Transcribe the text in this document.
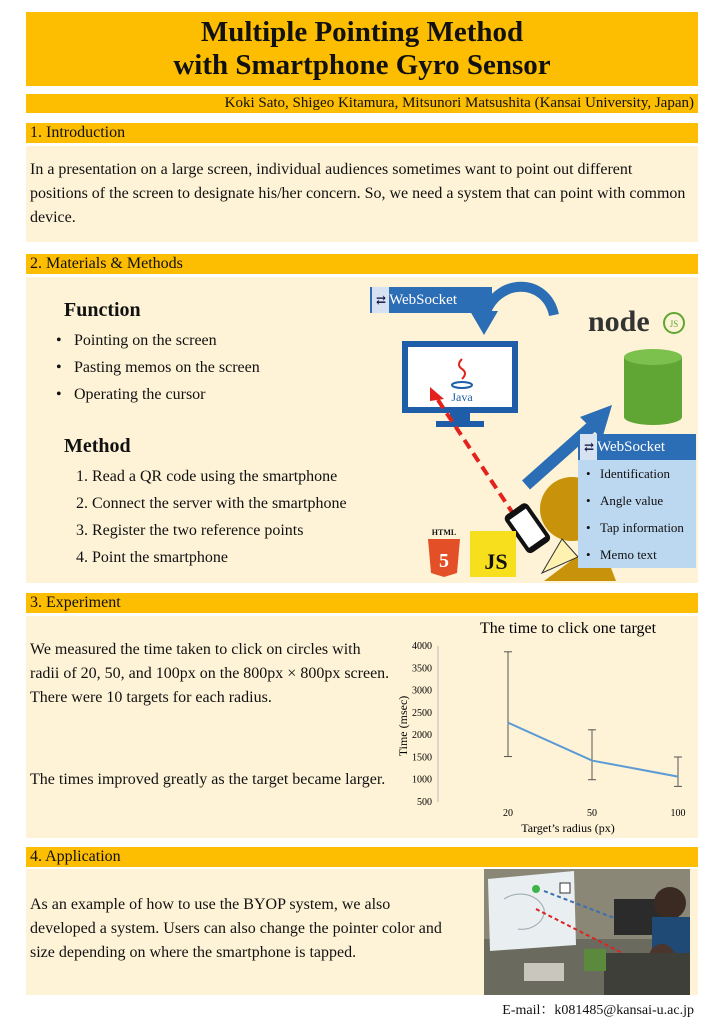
Multiple Pointing Method
with Smartphone Gyro Sensor
Koki Sato, Shigeo Kitamura, Mitsunori Matsushita (Kansai University, Japan)
1. Introduction
In a presentation on a large screen, individual audiences sometimes want to point out different positions of the screen to designate his/her concern. So, we need a system that can point with common device.
2. Materials & Methods
Function
• Pointing on the screen
• Pasting memos on the screen
• Operating the cursor
Method
1. Read a QR code using the smartphone
2. Connect the server with the smartphone
3. Register the two reference points
4. Point the smartphone
Java
node JS
HTML
5 JS
⇄ WebSocket
⇄ WebSocket
• Identification
• Angle value
• Tap information
• Memo text
3. Experiment
We measured the time taken to click on circles with radii of 20, 50, and 100px on the 800px × 800px screen. There were 10 targets for each radius.
The times improved greatly as the target became larger.
The time to click one target
500
1000
1500
2000
2500
3000
3500
4000
20	50	100
Time (msec)
Target’s radius (px)
4. Application
As an example of how to use the BYOP system, we also developed a system. Users can also change the pointer color and size depending on where the smartphone is tapped.
E-mail：k081485@kansai-u.ac.jp
